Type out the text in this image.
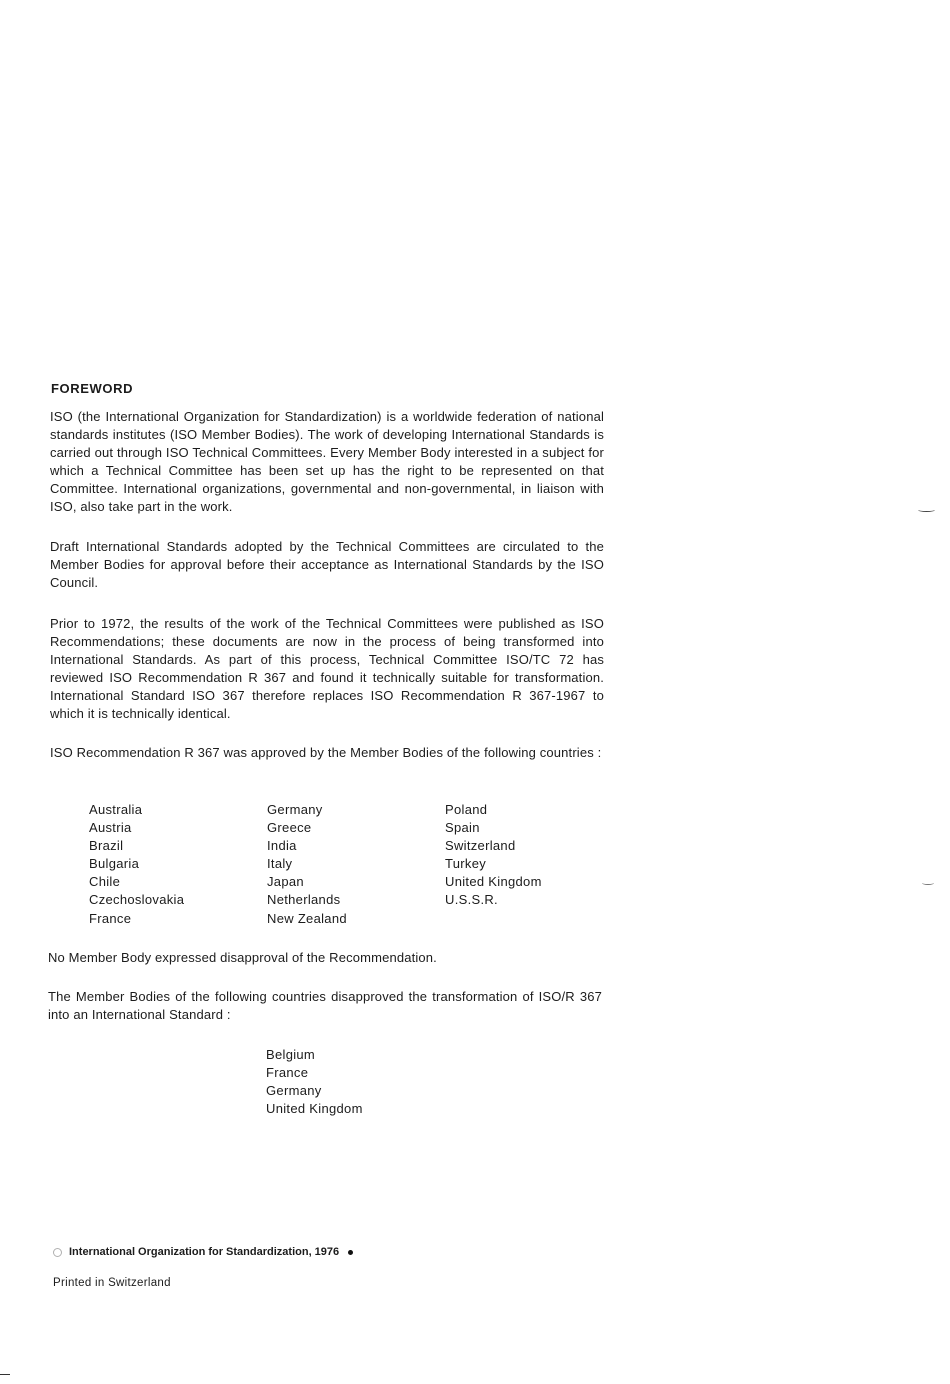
FOREWORD

ISO (the International Organization for Standardization) is a worldwide federation of national standards institutes (ISO Member Bodies). The work of developing International Standards is carried out through ISO Technical Committees. Every Member Body interested in a subject for which a Technical Committee has been set up has the right to be represented on that Committee. International organizations, governmental and non-governmental, in liaison with ISO, also take part in the work.

Draft International Standards adopted by the Technical Committees are circulated to the Member Bodies for approval before their acceptance as International Standards by the ISO Council.

Prior to 1972, the results of the work of the Technical Committees were published as ISO Recommendations; these documents are now in the process of being transformed into International Standards. As part of this process, Technical Committee ISO/TC 72 has reviewed ISO Recommendation R 367 and found it technically suitable for transformation. International Standard ISO 367 therefore replaces ISO Recommendation R 367-1967 to which it is technically identical.

ISO Recommendation R 367 was approved by the Member Bodies of the following countries :

Australia
Austria
Brazil
Bulgaria
Chile
Czechoslovakia
France
Germany
Greece
India
Italy
Japan
Netherlands
New Zealand
Poland
Spain
Switzerland
Turkey
United Kingdom
U.S.S.R.

No Member Body expressed disapproval of the Recommendation.

The Member Bodies of the following countries disapproved the transformation of ISO/R 367 into an International Standard :

Belgium
France
Germany
United Kingdom
International Organization for Standardization, 1976

Printed in Switzerland
